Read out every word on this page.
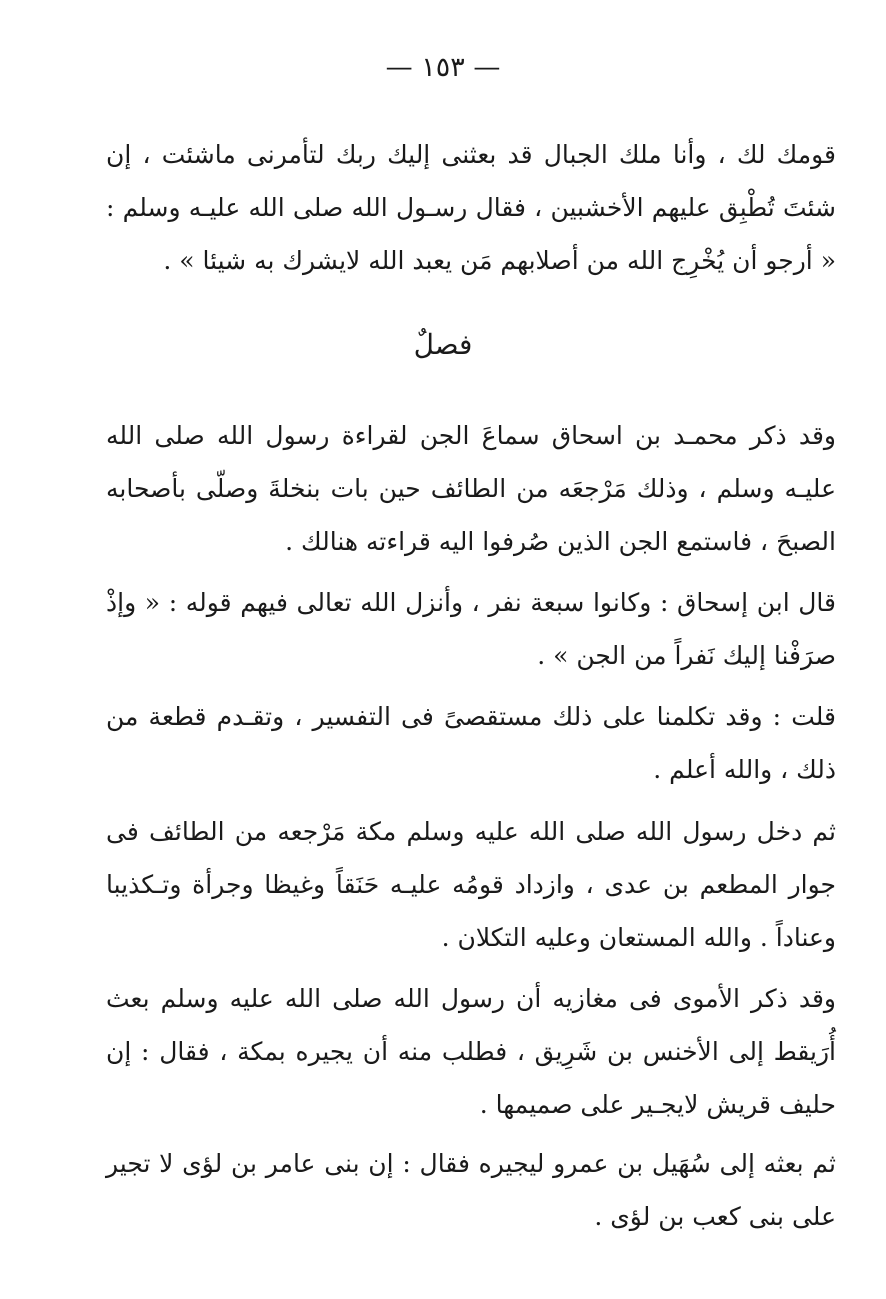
— ١٥٣ —

قومك لك ، وأنا ملك الجبال قد بعثنى إليك ربك لتأمرنى ماشئت ، إن شئتَ تُطْبِق عليهم الأخشبين ، فقال رسـول الله صلى الله عليـه وسلم : « أرجو أن يُخْرِج الله من أصلابهم مَن يعبد الله لايشرك به شيئا » .

فصلٌ

وقد ذكر محمـد بن اسحاق سماعَ الجن لقراءة رسول الله صلى الله عليـه وسلم ، وذلك مَرْجعَه من الطائف حين بات بنخلةَ وصلّى بأصحابه الصبحَ ، فاستمع الجن الذين صُرفوا اليه قراءته هنالك .

قال ابن إسحاق : وكانوا سبعة نفر ، وأنزل الله تعالى فيهم قوله : « وإذْ صرَفْنا إليك نَفراً من الجن » .

قلت : وقد تكلمنا على ذلك مستقصىً فى التفسير ، وتقـدم قطعة من ذلك ، والله أعلم .

ثم دخل رسول الله صلى الله عليه وسلم مكة مَرْجعه من الطائف فى جوار المطعم بن عدى ، وازداد قومُه عليـه حَنَقاً وغيظا وجرأة وتـكذيبا وعناداً . والله المستعان وعليه التكلان .

وقد ذكر الأموى فى مغازيه أن رسول الله صلى الله عليه وسلم بعث أُرَيقط إلى الأخنس بن شَرِيق ، فطلب منه أن يجيره بمكة ، فقال : إن حليف قريش لايجـير على صميمها .

ثم بعثه إلى سُهَيل بن عمرو ليجيره فقال : إن بنى عامر بن لؤى لا تجير على بنى كعب بن لؤى .
